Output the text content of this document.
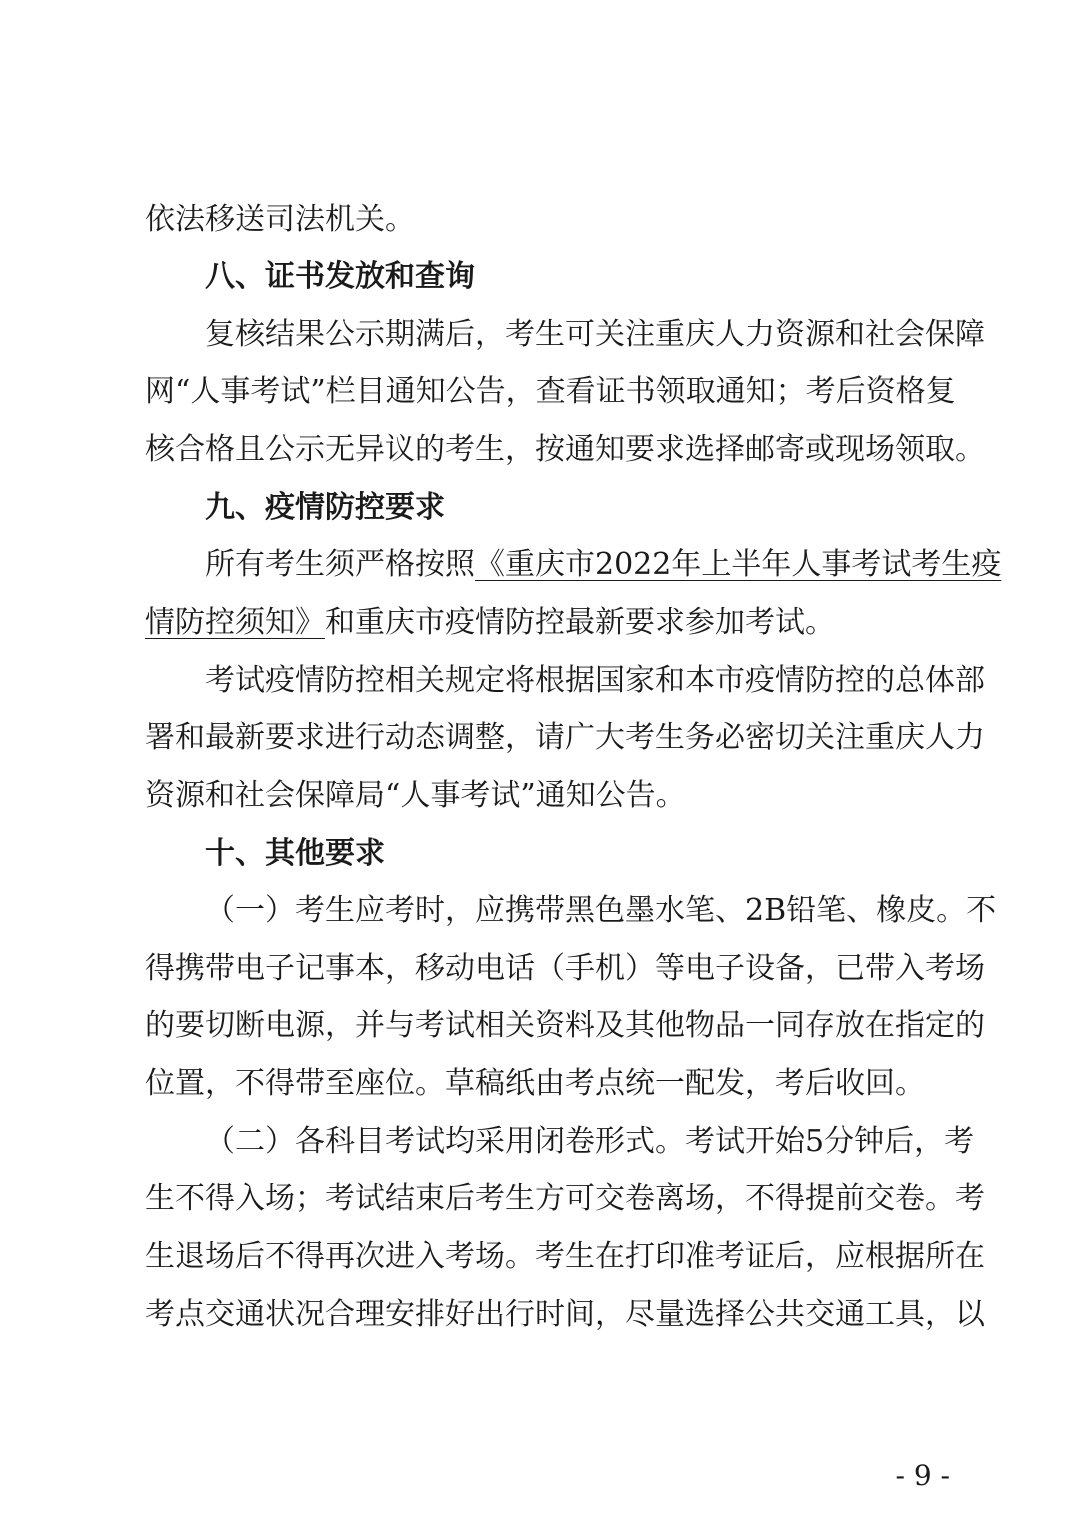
依法移送司法机关。
八、证书发放和查询
复核结果公示期满后，考生可关注重庆人力资源和社会保障
网“人事考试”栏目通知公告，查看证书领取通知；考后资格复
核合格且公示无异议的考生，按通知要求选择邮寄或现场领取。
九、疫情防控要求
所有考生须严格按照《重庆市2022年上半年人事考试考生疫
情防控须知》和重庆市疫情防控最新要求参加考试。
考试疫情防控相关规定将根据国家和本市疫情防控的总体部
署和最新要求进行动态调整，请广大考生务必密切关注重庆人力
资源和社会保障局“人事考试”通知公告。
十、其他要求
（一）考生应考时，应携带黑色墨水笔、2B铅笔、橡皮。不
得携带电子记事本，移动电话（手机）等电子设备，已带入考场
的要切断电源，并与考试相关资料及其他物品一同存放在指定的
位置，不得带至座位。草稿纸由考点统一配发，考后收回。
（二）各科目考试均采用闭卷形式。考试开始5分钟后，考
生不得入场；考试结束后考生方可交卷离场，不得提前交卷。考
生退场后不得再次进入考场。考生在打印准考证后，应根据所在
考点交通状况合理安排好出行时间，尽量选择公共交通工具，以
- 9 -
